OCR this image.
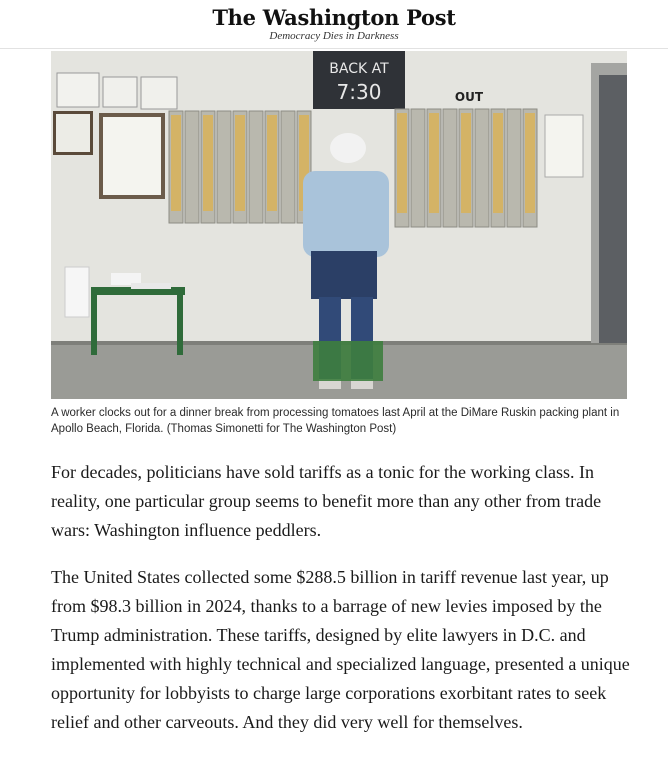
The Washington Post
Democracy Dies in Darkness
BACK AT
7:30	OUT
A worker clocks out for a dinner break from processing tomatoes last April at the DiMare Ruskin packing plant in Apollo Beach, Florida. (Thomas Simonetti for The Washington Post)

For decades, politicians have sold tariffs as a tonic for the working class. In reality, one particular group seems to benefit more than any other from trade wars: Washington influence peddlers.

The United States collected some $288.5 billion in tariff revenue last year, up from $98.3 billion in 2024, thanks to a barrage of new levies imposed by the Trump administration. These tariffs, designed by elite lawyers in D.C. and implemented with highly technical and specialized language, presented a unique opportunity for lobbyists to charge large corporations exorbitant rates to seek relief and other carveouts. And they did very well for themselves.
